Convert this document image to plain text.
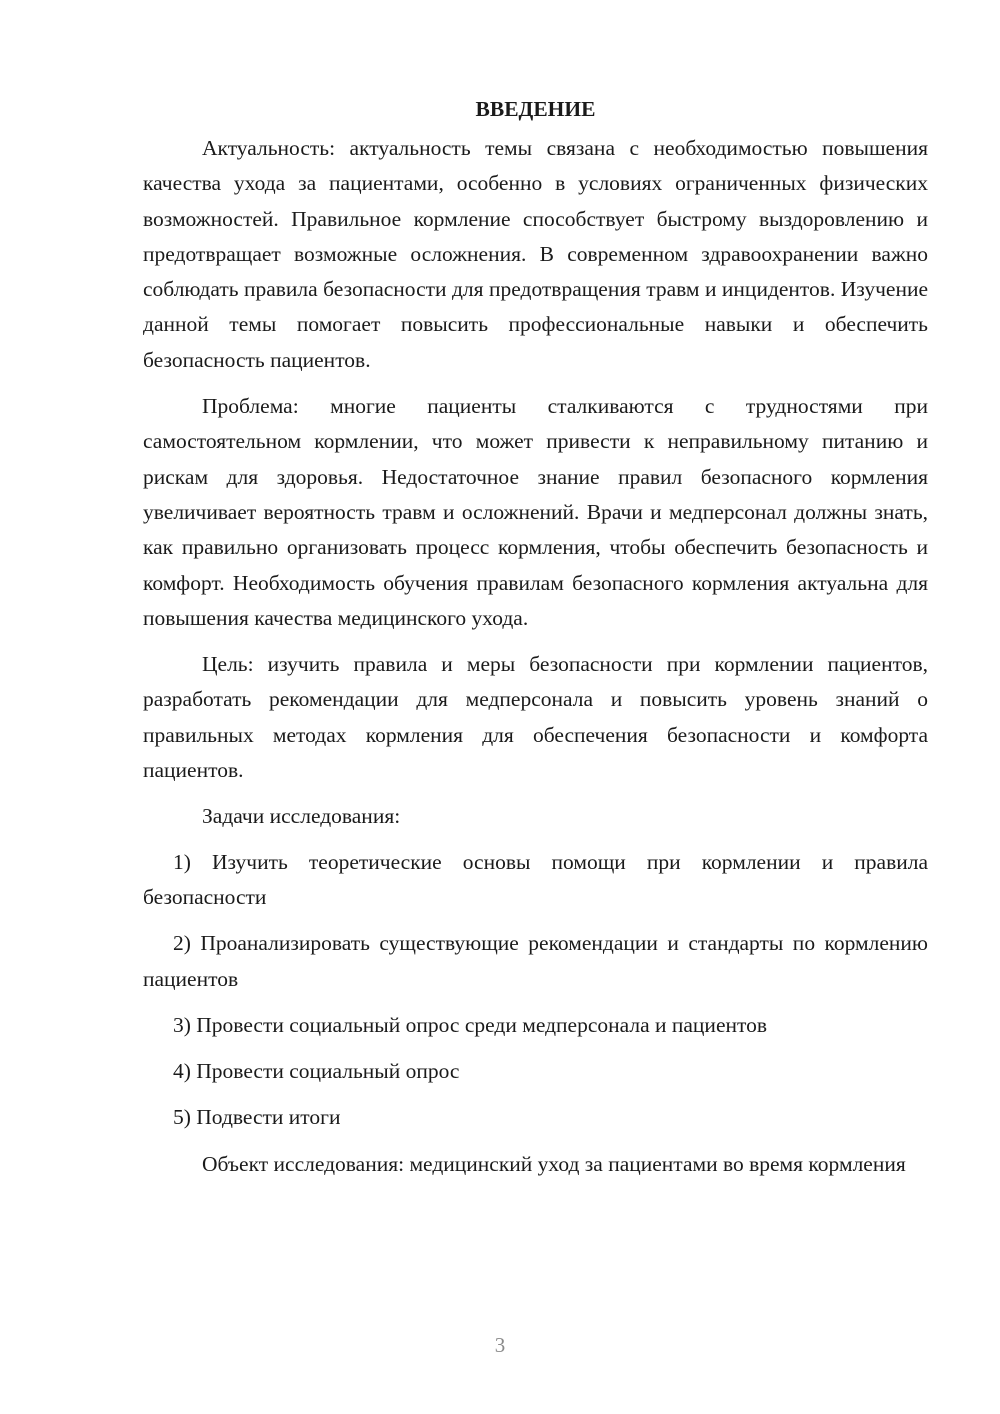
ВВЕДЕНИЕ

Актуальность: актуальность темы связана с необходимостью повышения качества ухода за пациентами, особенно в условиях ограниченных физических возможностей. Правильное кормление способствует быстрому выздоровлению и предотвращает возможные осложнения. В современном здравоохранении важно соблюдать правила безопасности для предотвращения травм и инцидентов. Изучение данной темы помогает повысить профессиональные навыки и обеспечить безопасность пациентов.

Проблема: многие пациенты сталкиваются с трудностями при самостоятельном кормлении, что может привести к неправильному питанию и рискам для здоровья. Недостаточное знание правил безопасного кормления увеличивает вероятность травм и осложнений. Врачи и медперсонал должны знать, как правильно организовать процесс кормления, чтобы обеспечить безопасность и комфорт. Необходимость обучения правилам безопасного кормления актуальна для повышения качества медицинского ухода.

Цель: изучить правила и меры безопасности при кормлении пациентов, разработать рекомендации для медперсонала и повысить уровень знаний о правильных методах кормления для обеспечения безопасности и комфорта пациентов.

Задачи исследования:

1) Изучить теоретические основы помощи при кормлении и правила безопасности

2) Проанализировать существующие рекомендации и стандарты по кормлению пациентов

3) Провести социальный опрос среди медперсонала и пациентов

4) Провести социальный опрос

5) Подвести итоги

Объект исследования: медицинский уход за пациентами во время кормления

3
